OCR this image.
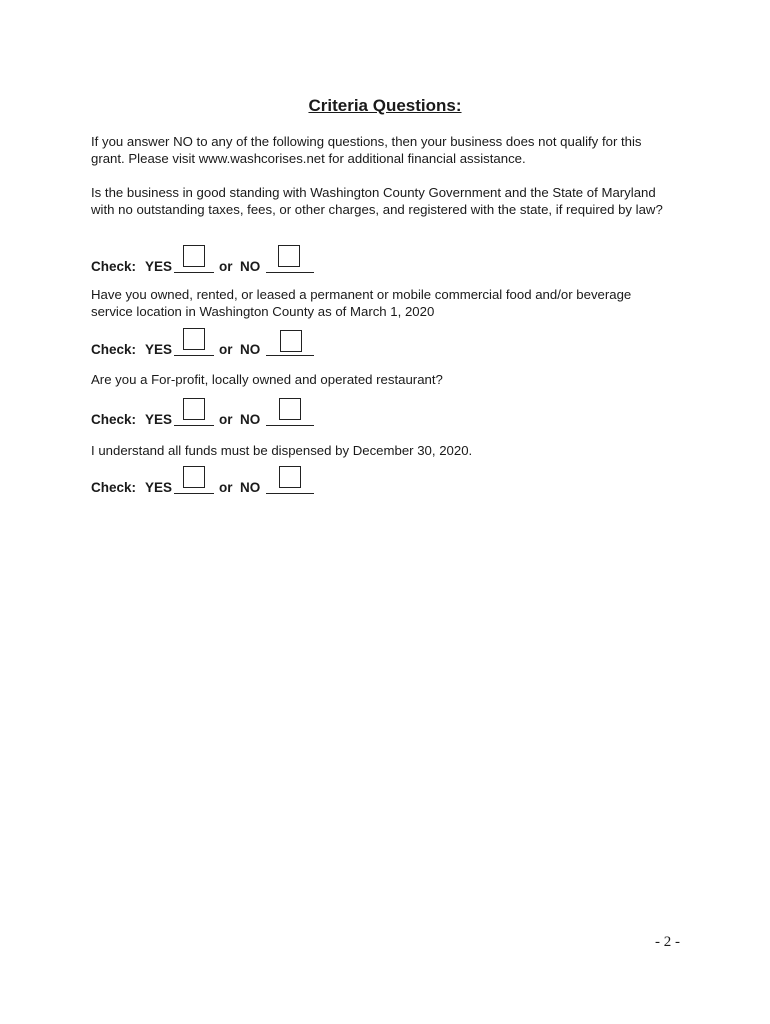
Criteria Questions:

If you answer NO to any of the following questions, then your business does not qualify for this grant. Please visit www.washcorises.net for additional financial assistance.

Is the business in good standing with Washington County Government and the State of Maryland with no outstanding taxes, fees, or other charges, and registered with the state, if required by law?

Check: YES	or NO

Have you owned, rented, or leased a permanent or mobile commercial food and/or beverage service location in Washington County as of March 1, 2020

Check: YES	or NO

Are you a For-profit, locally owned and operated restaurant?

Check: YES	or NO

I understand all funds must be dispensed by December 30, 2020.

Check: YES	or NO
- 2 -
